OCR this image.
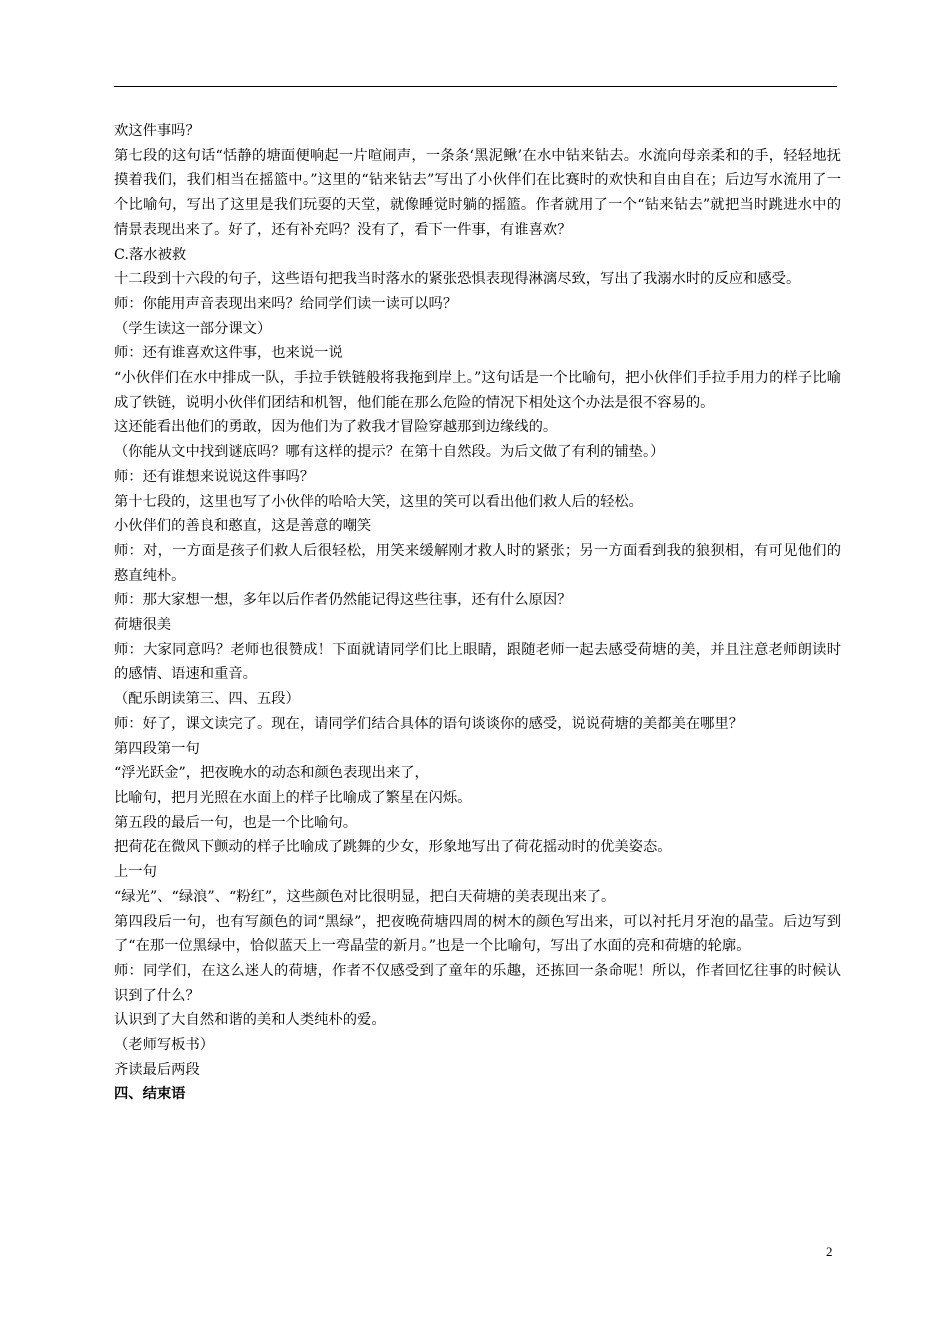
欢这件事吗？

第七段的这句话“恬静的塘面便响起一片喧闹声，一条条‘黑泥鳅’在水中钻来钻去。水流向母亲柔和的手，轻轻地抚摸着我们，我们相当在摇篮中。”这里的“钻来钻去”写出了小伙伴们在比赛时的欢快和自由自在；后边写水流用了一个比喻句，写出了这里是我们玩耍的天堂，就像睡觉时躺的摇篮。作者就用了一个“钻来钻去”就把当时跳进水中的情景表现出来了。好了，还有补充吗？没有了，看下一件事，有谁喜欢？

C.落水被救

十二段到十六段的句子，这些语句把我当时落水的紧张恐惧表现得淋漓尽致，写出了我溺水时的反应和感受。

师：你能用声音表现出来吗？给同学们读一读可以吗？

（学生读这一部分课文）

师：还有谁喜欢这件事，也来说一说

“小伙伴们在水中排成一队，手拉手铁链般将我拖到岸上。”这句话是一个比喻句，把小伙伴们手拉手用力的样子比喻成了铁链，说明小伙伴们团结和机智，他们能在那么危险的情况下相处这个办法是很不容易的。

这还能看出他们的勇敢，因为他们为了救我才冒险穿越那到边缘线的。

（你能从文中找到谜底吗？哪有这样的提示？在第十自然段。为后文做了有利的铺垫。）

师：还有谁想来说说这件事吗？

第十七段的，这里也写了小伙伴的哈哈大笑，这里的笑可以看出他们救人后的轻松。

小伙伴们的善良和憨直，这是善意的嘲笑

师：对，一方面是孩子们救人后很轻松，用笑来缓解刚才救人时的紧张；另一方面看到我的狼狈相，有可见他们的憨直纯朴。

师：那大家想一想，多年以后作者仍然能记得这些往事，还有什么原因？

荷塘很美

师：大家同意吗？老师也很赞成！下面就请同学们比上眼睛，跟随老师一起去感受荷塘的美，并且注意老师朗读时的感情、语速和重音。

（配乐朗读第三、四、五段）

师：好了，课文读完了。现在，请同学们结合具体的语句谈谈你的感受，说说荷塘的美都美在哪里？

第四段第一句

“浮光跃金”，把夜晚水的动态和颜色表现出来了，

比喻句，把月光照在水面上的样子比喻成了繁星在闪烁。

第五段的最后一句，也是一个比喻句。

把荷花在微风下颤动的样子比喻成了跳舞的少女，形象地写出了荷花摇动时的优美姿态。

上一句

“绿光”、“绿浪”、“粉红”，这些颜色对比很明显，把白天荷塘的美表现出来了。

第四段后一句，也有写颜色的词“黑绿”，把夜晚荷塘四周的树木的颜色写出来，可以衬托月牙泡的晶莹。后边写到了“在那一位黑绿中，恰似蓝天上一弯晶莹的新月。”也是一个比喻句，写出了水面的亮和荷塘的轮廓。

师：同学们，在这么迷人的荷塘，作者不仅感受到了童年的乐趣，还拣回一条命呢！所以，作者回忆往事的时候认识到了什么？

认识到了大自然和谐的美和人类纯朴的爱。

（老师写板书）

齐读最后两段

四、结束语

2
